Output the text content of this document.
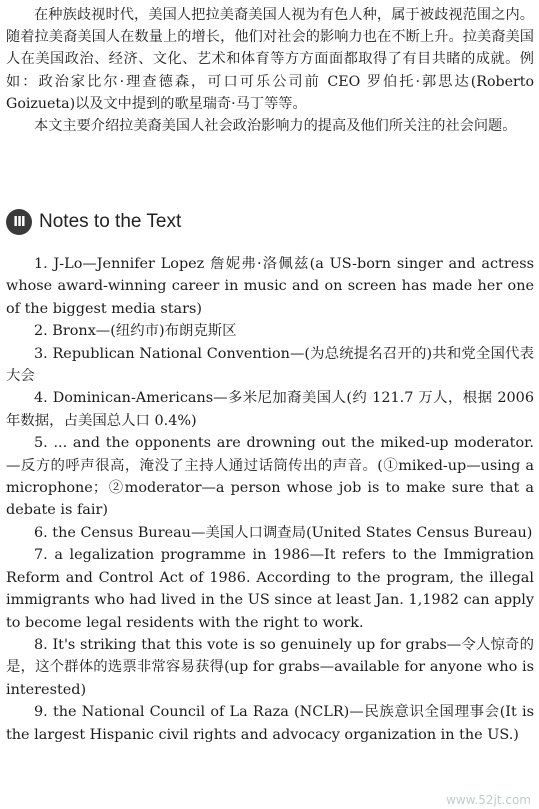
在种族歧视时代，美国人把拉美裔美国人视为有色人种，属于被歧视范围之内。随着拉美裔美国人在数量上的增长，他们对社会的影响力也在不断上升。拉美裔美国人在美国政治、经济、文化、艺术和体育等方方面面都取得了有目共睹的成就。例如：政治家比尔·理查德森，可口可乐公司前 CEO 罗伯托·郭思达(Roberto Goizueta)以及文中提到的歌星瑞奇·马丁等等。

本文主要介绍拉美裔美国人社会政治影响力的提高及他们所关注的社会问题。

III Notes to the Text

1. J-Lo—Jennifer Lopez 詹妮弗·洛佩兹(a US-born singer and actress whose award-winning career in music and on screen has made her one of the biggest media stars)

2. Bronx—(纽约市)布朗克斯区

3. Republican National Convention—(为总统提名召开的)共和党全国代表大会

4. Dominican-Americans—多米尼加裔美国人(约 121.7 万人，根据 2006 年数据，占美国总人口 0.4%)

5. ... and the opponents are drowning out the miked-up moderator. —反方的呼声很高，淹没了主持人通过话筒传出的声音。(①miked-up—using a microphone；②moderator—a person whose job is to make sure that a debate is fair)

6. the Census Bureau—美国人口调查局(United States Census Bureau)

7. a legalization programme in 1986—It refers to the Immigration Reform and Control Act of 1986. According to the program, the illegal immigrants who had lived in the US since at least Jan. 1,1982 can apply to become legal residents with the right to work.

8. It's striking that this vote is so genuinely up for grabs—令人惊奇的是，这个群体的选票非常容易获得(up for grabs—available for anyone who is interested)

9. the National Council of La Raza (NCLR)—民族意识全国理事会(It is the largest Hispanic civil rights and advocacy organization in the US.)

www.52jt.com
